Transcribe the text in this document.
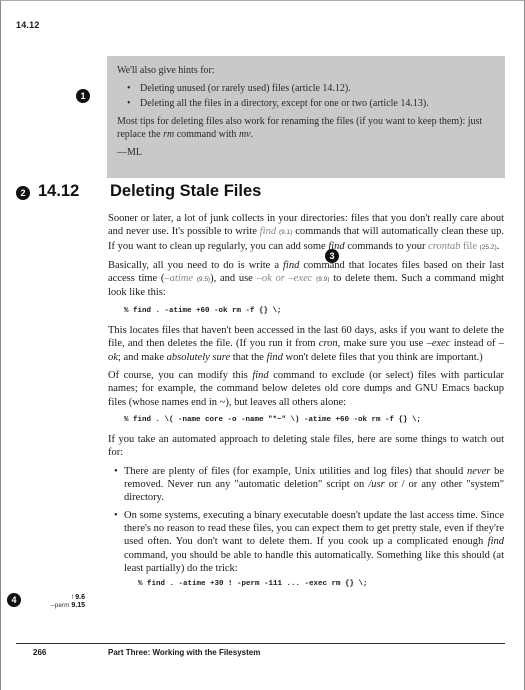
14.12
1
2
3
4

We'll also give hints for:

• Deleting unused (or rarely used) files (article 14.12).
• Deleting all the files in a directory, except for one or two (article 14.13).

Most tips for deleting files also work for renaming the files (if you want to keep them): just replace the rm command with mv.

—ML

14.12 Deleting Stale Files

Sooner or later, a lot of junk collects in your directories: files that you don't really care about and never use. It's possible to write find (9.1) commands that will automatically clean these up. If you want to clean up regularly, you can add some find commands to your crontab file (25.2).

Basically, all you need to do is write a find command that locates files based on their last access time (–atime (9.5)), and use –ok or –exec (9.9) to delete them. Such a command might look like this:

% find . -atime +60 -ok rm -f {} \;

This locates files that haven't been accessed in the last 60 days, asks if you want to delete the file, and then deletes the file. (If you run it from cron, make sure you use –exec instead of –ok; and make absolutely sure that the find won't delete files that you think are important.)

Of course, you can modify this find command to exclude (or select) files with particular names; for example, the command below deletes old core dumps and GNU Emacs backup files (whose names end in ~), but leaves all others alone:

% find . \( -name core -o -name "*~" \) -atime +60 -ok rm -f {} \;

If you take an automated approach to deleting stale files, here are some things to watch out for:

• There are plenty of files (for example, Unix utilities and log files) that should never be removed. Never run any "automatic deletion" script on /usr or / or any other "system" directory.
• On some systems, executing a binary executable doesn't update the last access time. Since there's no reason to read these files, you can expect them to get pretty stale, even if they're used often. You don't want to delete them. If you cook up a complicated enough find command, you should be able to handle this automatically. Something like this should (at least partially) do the trick:
% find . -atime +30 ! -perm -111 ... -exec rm {} \;
! 9.6
–perm 9.15
266	Part Three: Working with the Filesystem
